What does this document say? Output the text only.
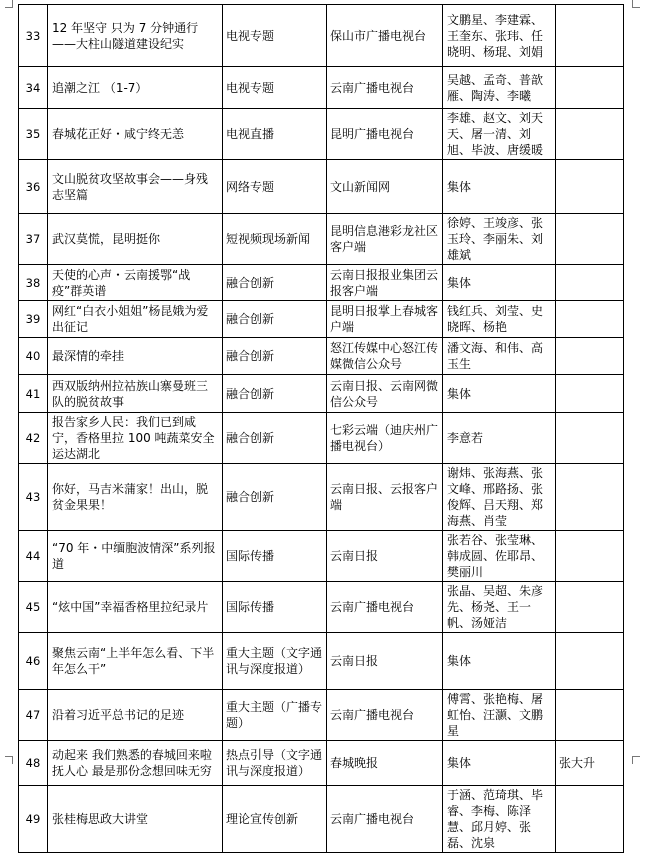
33	12 年坚守 只为 7 分钟通行——大柱山隧道建设纪实	电视专题	保山市广播电视台	文鹏星、李建霖、王奎东、张玮、任晓明、杨琨、刘娟	
34	追潮之江 （1-7）	电视专题	云南广播电视台	吴越、孟奇、普歆雁、陶涛、李曦	
35	春城花正好・咸宁终无恙	电视直播	昆明广播电视台	李雄、赵文、刘天天、屠一清、刘旭、毕波、唐缓暖	
36	文山脱贫攻坚故事会——身残志坚篇	网络专题	文山新闻网	集体	
37	武汉莫慌，昆明挺你	短视频现场新闻	昆明信息港彩龙社区客户端	徐婷、王竣彦、张玉玲、李丽朱、刘雄斌	
38	天使的心声・云南援鄂“战疫”群英谱	融合创新	云南日报报业集团云报客户端	集体	
39	网红“白衣小姐姐”杨昆娥为爱出征记	融合创新	昆明日报掌上春城客户端	钱红兵、刘莹、史晓晖、杨艳	
40	最深情的牵挂	融合创新	怒江传媒中心怒江传媒微信公众号	潘文海、和伟、高玉生	
41	西双版纳州拉祜族山寨曼班三队的脱贫故事	融合创新	云南日报、云南网微信公众号	集体	
42	报告家乡人民：我们已到咸宁，香格里拉 100 吨蔬菜安全运达湖北	融合创新	七彩云端（迪庆州广播电视台）	李意若	
43	你好，马吉米蒲家！出山，脱贫金果果！	融合创新	云南日报、云报客户端	谢炜、张海燕、张文峰、邢路扬、张俊辉、吕天翔、郑海燕、肖莹	
44	“70 年・中缅胞波情深”系列报道	国际传播	云南日报	张若谷、张莹琳、韩成圆、佐耶昂、樊丽川	
45	“炫中国”幸福香格里拉纪录片	国际传播	云南广播电视台	张晶、吴超、朱彦先、杨尧、王一帆、汤娅洁	
46	聚焦云南“上半年怎么看、下半年怎么干”	重大主题（文字通讯与深度报道）	云南日报	集体	
47	沿着习近平总书记的足迹	重大主题（广播专题）	云南广播电视台	傅霄、张艳梅、屠虹怡、汪灏、文鹏星	
48	动起来 我们熟悉的春城回来啦 抚人心 最是那份念想回味无穷	热点引导（文字通讯与深度报道）	春城晚报	集体	张大升
49	张桂梅思政大讲堂	理论宣传创新	云南广播电视台	于涵、范琦琪、毕睿、李梅、陈泽慧、邱月婷、张磊、沈泉	
